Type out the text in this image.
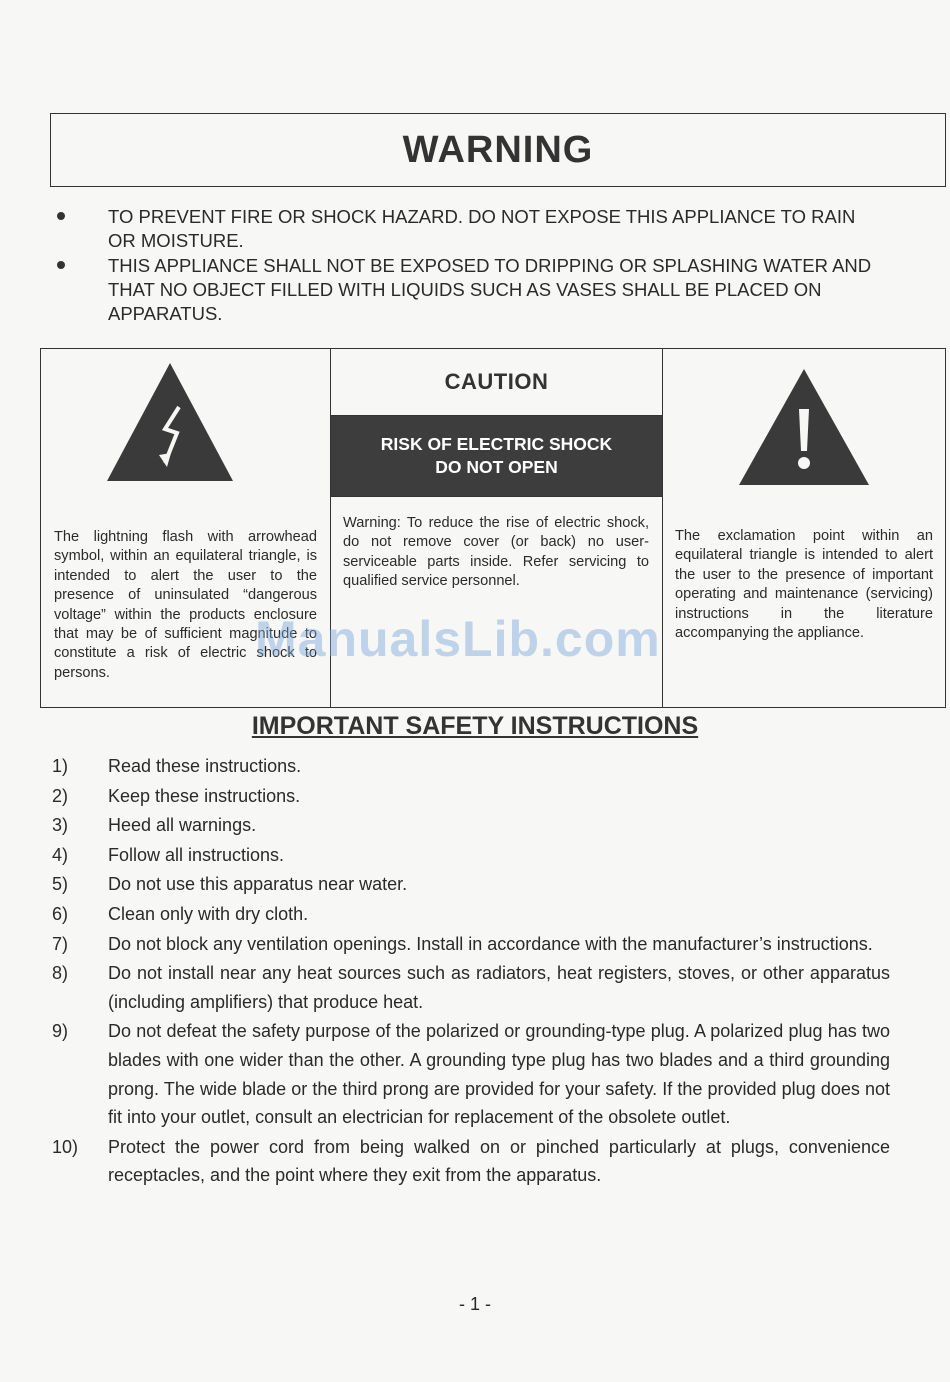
WARNING
TO PREVENT FIRE OR SHOCK HAZARD. DO NOT EXPOSE THIS APPLIANCE TO RAIN OR MOISTURE.
THIS APPLIANCE SHALL NOT BE EXPOSED TO DRIPPING OR SPLASHING WATER AND THAT NO OBJECT FILLED WITH LIQUIDS SUCH AS VASES SHALL BE PLACED ON APPARATUS.
The lightning flash with arrowhead symbol, within an equilateral triangle, is intended to alert the user to the presence of uninsulated “dangerous voltage” within the products enclosure that may be of sufficient magnitude to constitute a risk of electric shock to persons.
CAUTION
RISK OF ELECTRIC SHOCK
DO NOT OPEN
Warning: To reduce the rise of electric shock, do not remove cover (or back) no user-serviceable parts inside. Refer servicing to qualified service personnel.
The exclamation point within an equilateral triangle is intended to alert the user to the presence of important operating and maintenance (servicing) instructions in the literature accompanying the appliance.
ManualsLib.com
IMPORTANT SAFETY INSTRUCTIONS
1) Read these instructions.
2) Keep these instructions.
3) Heed all warnings.
4) Follow all instructions.
5) Do not use this apparatus near water.
6) Clean only with dry cloth.
7) Do not block any ventilation openings. Install in accordance with the manufacturer’s instructions.
8) Do not install near any heat sources such as radiators, heat registers, stoves, or other apparatus (including amplifiers) that produce heat.
9) Do not defeat the safety purpose of the polarized or grounding-type plug. A polarized plug has two blades with one wider than the other. A grounding type plug has two blades and a third grounding prong. The wide blade or the third prong are provided for your safety. If the provided plug does not fit into your outlet, consult an electrician for replacement of the obsolete outlet.
10) Protect the power cord from being walked on or pinched particularly at plugs, convenience receptacles, and the point where they exit from the apparatus.
- 1 -
